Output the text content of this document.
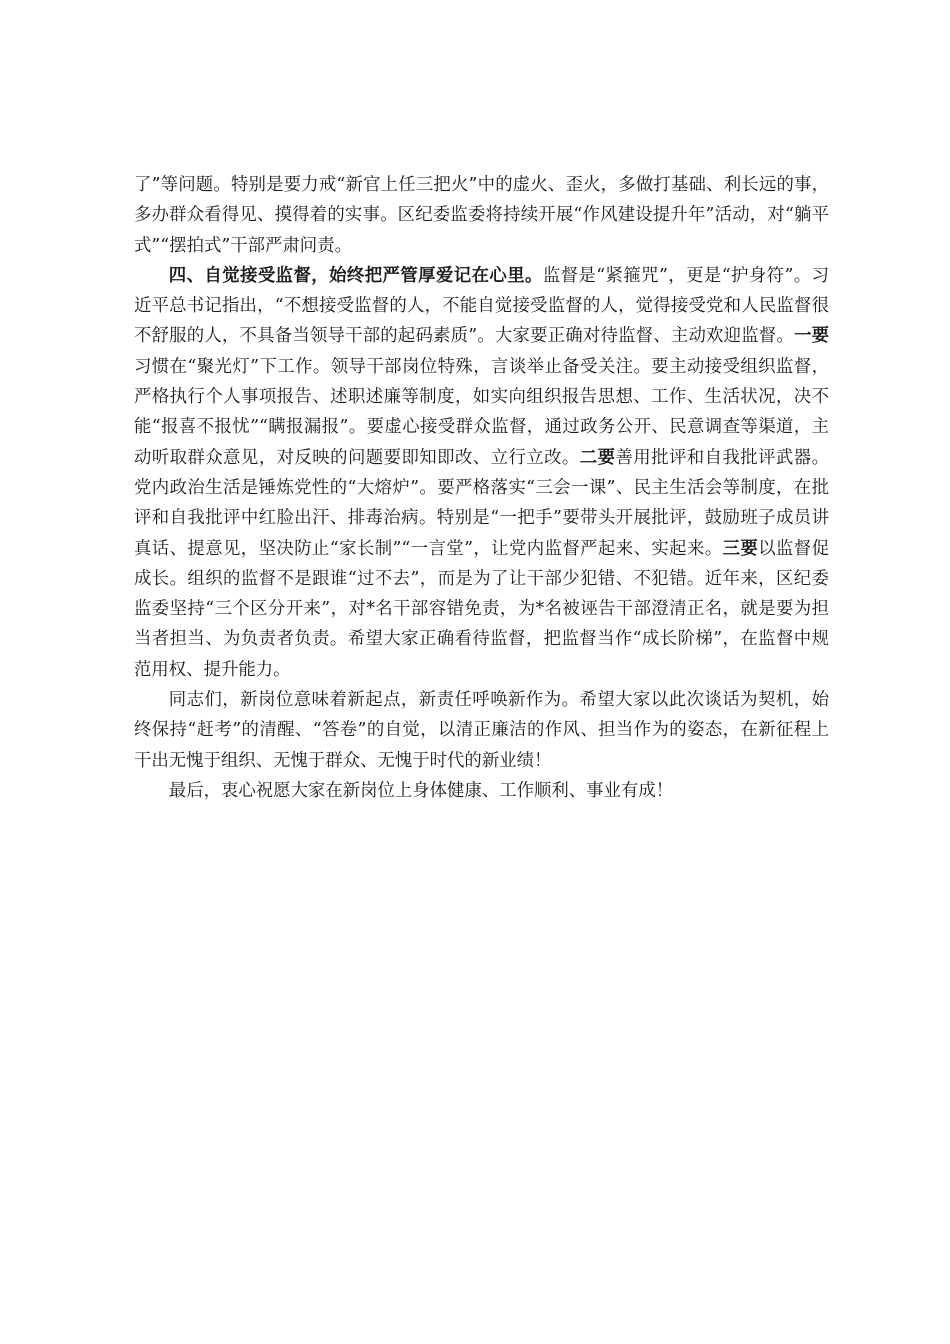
了”等问题。特别是要力戒“新官上任三把火”中的虚火、歪火，多做打基础、利长远的事，多办群众看得见、摸得着的实事。区纪委监委将持续开展“作风建设提升年”活动，对“躺平式”“摆拍式”干部严肃问责。

四、自觉接受监督，始终把严管厚爱记在心里。监督是“紧箍咒”，更是“护身符”。习近平总书记指出，“不想接受监督的人，不能自觉接受监督的人，觉得接受党和人民监督很不舒服的人，不具备当领导干部的起码素质”。大家要正确对待监督、主动欢迎监督。一要习惯在“聚光灯”下工作。领导干部岗位特殊，言谈举止备受关注。要主动接受组织监督，严格执行个人事项报告、述职述廉等制度，如实向组织报告思想、工作、生活状况，决不能“报喜不报忧”“瞒报漏报”。要虚心接受群众监督，通过政务公开、民意调查等渠道，主动听取群众意见，对反映的问题要即知即改、立行立改。二要善用批评和自我批评武器。党内政治生活是锤炼党性的“大熔炉”。要严格落实“三会一课”、民主生活会等制度，在批评和自我批评中红脸出汗、排毒治病。特别是“一把手”要带头开展批评，鼓励班子成员讲真话、提意见，坚决防止“家长制”“一言堂”，让党内监督严起来、实起来。三要以监督促成长。组织的监督不是跟谁“过不去”，而是为了让干部少犯错、不犯错。近年来，区纪委监委坚持“三个区分开来”，对*名干部容错免责，为*名被诬告干部澄清正名，就是要为担当者担当、为负责者负责。希望大家正确看待监督，把监督当作“成长阶梯”，在监督中规范用权、提升能力。

同志们，新岗位意味着新起点，新责任呼唤新作为。希望大家以此次谈话为契机，始终保持“赶考”的清醒、“答卷”的自觉，以清正廉洁的作风、担当作为的姿态，在新征程上干出无愧于组织、无愧于群众、无愧于时代的新业绩！

最后，衷心祝愿大家在新岗位上身体健康、工作顺利、事业有成！
